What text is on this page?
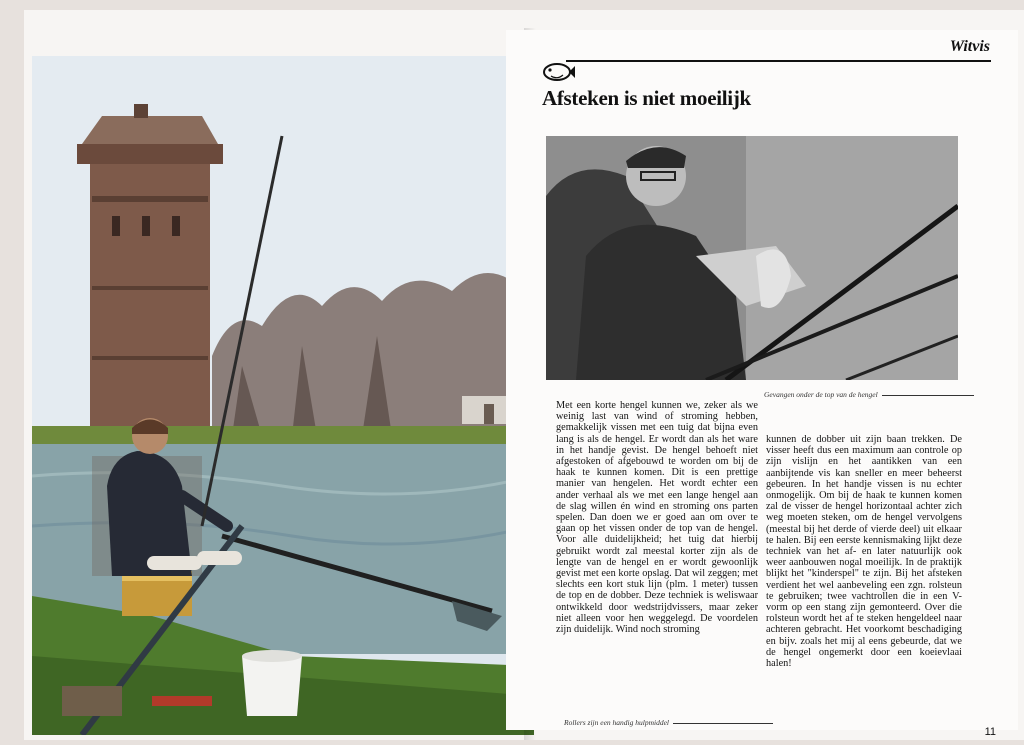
Witvis
Afsteken is niet moeilijk
Gevangen onder de top van de hengel
Met een korte hengel kunnen we, zeker als we weinig last van wind of stroming hebben, gemakkelijk vissen met een tuig dat bijna even lang is als de hengel. Er wordt dan als het ware in het handje gevist. De hengel behoeft niet afgestoken of afgebouwd te worden om bij de haak te kunnen komen. Dit is een prettige manier van hengelen. Het wordt echter een ander verhaal als we met een lange hengel aan de slag willen én wind en stroming ons parten spelen. Dan doen we er goed aan om over te gaan op het vissen onder de top van de hengel. Voor alle duidelijkheid; het tuig dat hierbij gebruikt wordt zal meestal korter zijn als de lengte van de hengel en er wordt gewoonlijk gevist met een korte opslag. Dat wil zeggen; met slechts een kort stuk lijn (plm. 1 meter) tussen de top en de dobber. Deze techniek is weliswaar ontwikkeld door wedstrijdvissers, maar zeker niet alleen voor hen weggelegd. De voordelen zijn duidelijk. Wind noch stroming
kunnen de dobber uit zijn baan trekken. De visser heeft dus een maximum aan controle op zijn vislijn en het aantikken van een aanbijtende vis kan sneller en meer beheerst gebeuren. In het handje vissen is nu echter onmogelijk. Om bij de haak te kunnen komen zal de visser de hengel horizontaal achter zich weg moeten steken, om de hengel vervolgens (meestal bij het derde of vierde deel) uit elkaar te halen. Bij een eerste kennismaking lijkt deze techniek van het af- en later natuurlijk ook weer aanbouwen nogal moeilijk. In de praktijk blijkt het "kinderspel" te zijn. Bij het afsteken verdient het wel aanbeveling een zgn. rolsteun te gebruiken; twee vachtrollen die in een V-vorm op een stang zijn gemonteerd. Over die rolsteun wordt het af te steken hengeldeel naar achteren gebracht. Het voorkomt beschadiging en bijv. zoals het mij al eens gebeurde, dat we de hengel ongemerkt door een koeievlaai halen!
Rollers zijn een handig hulpmiddel
11
